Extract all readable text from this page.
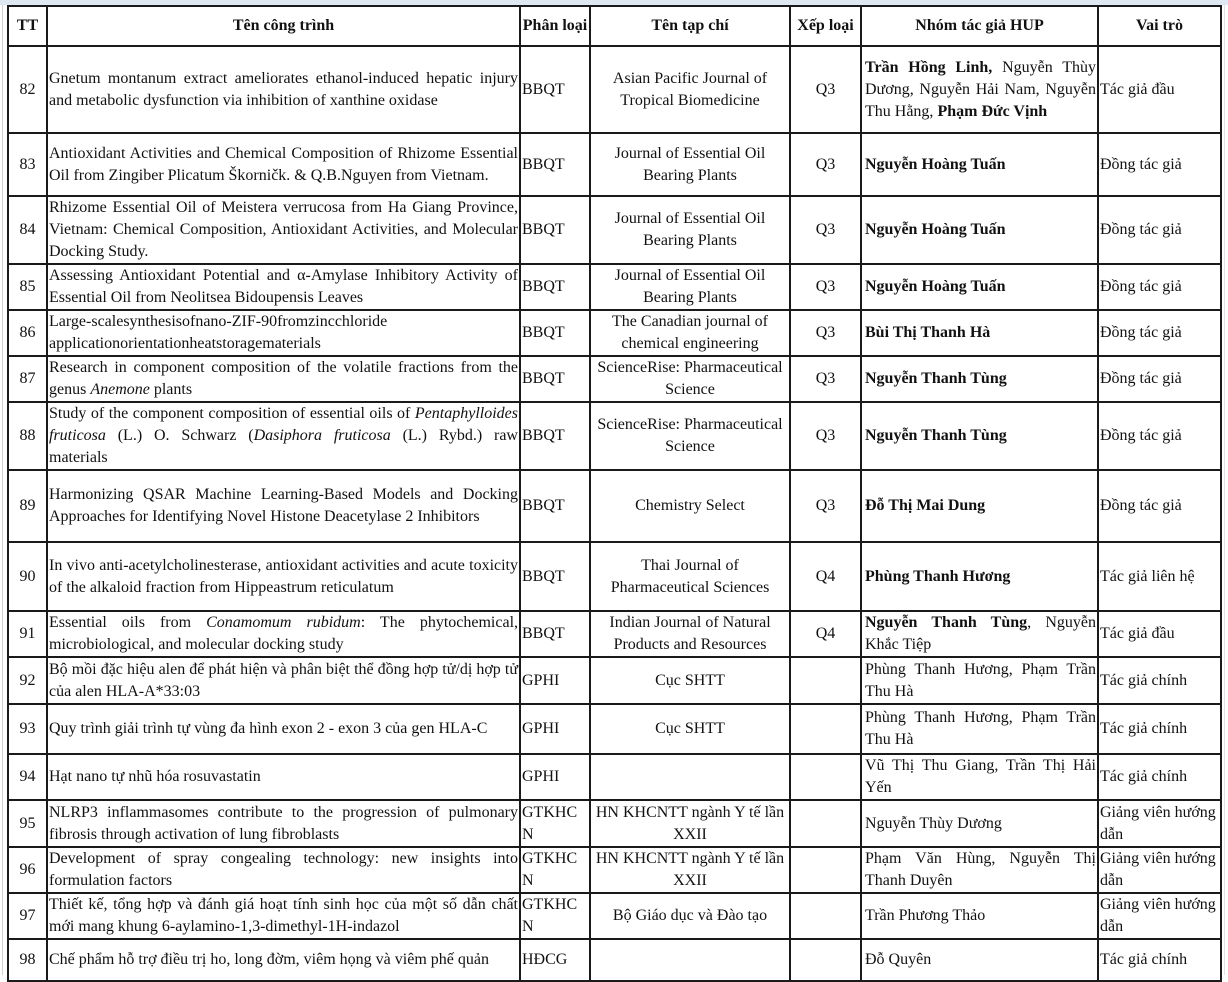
TT	Tên công trình	Phân loại	Tên tạp chí	Xếp loại	Nhóm tác giả HUP	Vai trò
82	Gnetum montanum extract ameliorates ethanol-induced hepatic injury and metabolic dysfunction via inhibition of xanthine oxidase	BBQT	Asian Pacific Journal of Tropical Biomedicine	Q3	Trần Hồng Linh, Nguyễn Thùy Dương, Nguyễn Hải Nam, Nguyễn Thu Hằng, Phạm Đức Vịnh	Tác giả đầu
83	Antioxidant Activities and Chemical Composition of Rhizome Essential Oil from Zingiber Plicatum Škorničk. & Q.B.Nguyen from Vietnam.	BBQT	Journal of Essential Oil Bearing Plants	Q3	Nguyễn Hoàng Tuấn	Đồng tác giả
84	Rhizome Essential Oil of Meistera verrucosa from Ha Giang Province, Vietnam: Chemical Composition, Antioxidant Activities, and Molecular Docking Study.	BBQT	Journal of Essential Oil Bearing Plants	Q3	Nguyễn Hoàng Tuấn	Đồng tác giả
85	Assessing Antioxidant Potential and α-Amylase Inhibitory Activity of Essential Oil from Neolitsea Bidoupensis Leaves	BBQT	Journal of Essential Oil Bearing Plants	Q3	Nguyễn Hoàng Tuấn	Đồng tác giả
86	Large-scalesynthesisofnano-ZIF-90fromzincchloride applicationorientationheatstoragematerials	BBQT	The Canadian journal of chemical engineering	Q3	Bùi Thị Thanh Hà	Đồng tác giả
87	Research in component composition of the volatile fractions from the genus Anemone plants	BBQT	ScienceRise: Pharmaceutical Science	Q3	Nguyễn Thanh Tùng	Đồng tác giả
88	Study of the component composition of essential oils of Pentaphylloides fruticosa (L.) O. Schwarz (Dasiphora fruticosa (L.) Rybd.) raw materials	BBQT	ScienceRise: Pharmaceutical Science	Q3	Nguyễn Thanh Tùng	Đồng tác giả
89	Harmonizing QSAR Machine Learning-Based Models and Docking Approaches for Identifying Novel Histone Deacetylase 2 Inhibitors	BBQT	Chemistry Select	Q3	Đỗ Thị Mai Dung	Đồng tác giả
90	In vivo anti-acetylcholinesterase, antioxidant activities and acute toxicity of the alkaloid fraction from Hippeastrum reticulatum	BBQT	Thai Journal of Pharmaceutical Sciences	Q4	Phùng Thanh Hương	Tác giả liên hệ
91	Essential oils from Conamomum rubidum: The phytochemical, microbiological, and molecular docking study	BBQT	Indian Journal of Natural Products and Resources	Q4	Nguyễn Thanh Tùng, Nguyễn Khắc Tiệp	Tác giả đầu
92	Bộ mồi đặc hiệu alen để phát hiện và phân biệt thể đồng hợp tử/dị hợp tử của alen HLA-A*33:03	GPHI	Cục SHTT		Phùng Thanh Hương, Phạm Trần Thu Hà	Tác giả chính
93	Quy trình giải trình tự vùng đa hình exon 2 - exon 3 của gen HLA-C	GPHI	Cục SHTT		Phùng Thanh Hương, Phạm Trần Thu Hà	Tác giả chính
94	Hạt nano tự nhũ hóa rosuvastatin	GPHI			Vũ Thị Thu Giang, Trần Thị Hải Yến	Tác giả chính
95	NLRP3 inflammasomes contribute to the progression of pulmonary fibrosis through activation of lung fibroblasts	GTKHCN	HN KHCNTT ngành Y tế lần XXII		Nguyễn Thùy Dương	Giảng viên hướng dẫn
96	Development of spray congealing technology: new insights into formulation factors	GTKHCN	HN KHCNTT ngành Y tế lần XXII		Phạm Văn Hùng, Nguyễn Thị Thanh Duyên	Giảng viên hướng dẫn
97	Thiết kế, tổng hợp và đánh giá hoạt tính sinh học của một số dẫn chất mới mang khung 6-aylamino-1,3-dimethyl-1H-indazol	GTKHCN	Bộ Giáo dục và Đào tạo		Trần Phương Thảo	Giảng viên hướng dẫn
98	Chế phẩm hỗ trợ điều trị ho, long đờm, viêm họng và viêm phế quản	HĐCG			Đỗ Quyên	Tác giả chính
